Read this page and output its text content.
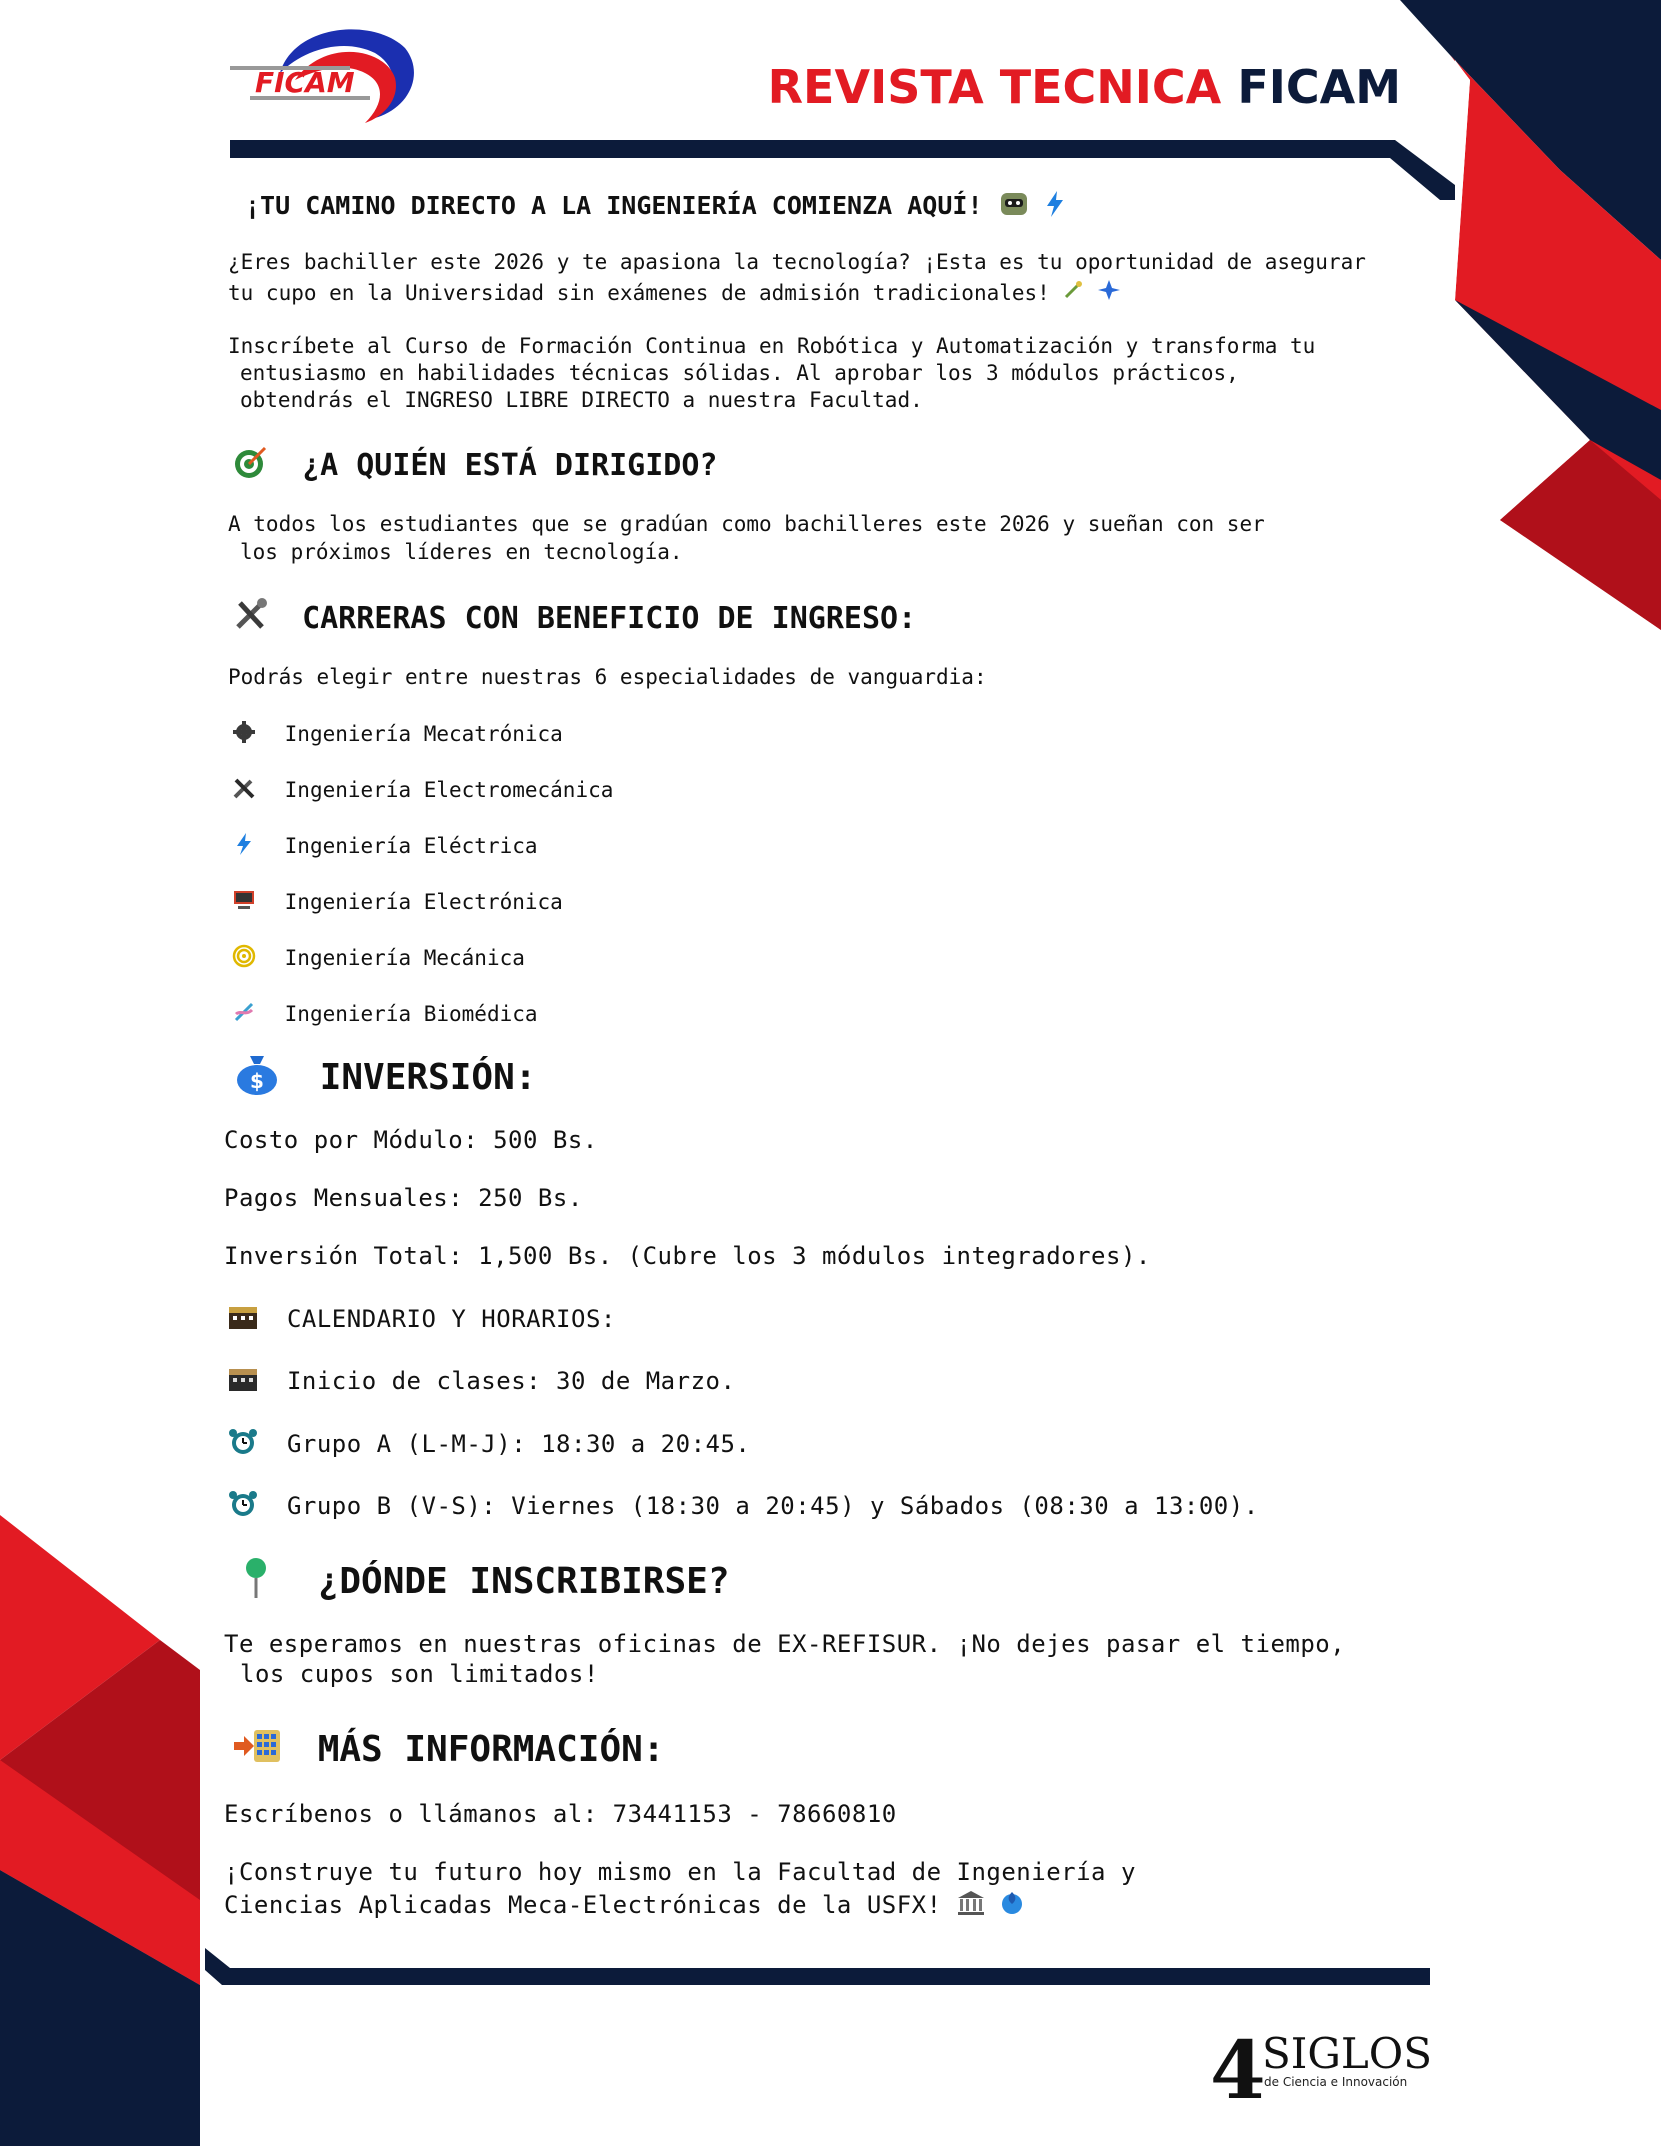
FICAM	REVISTA TECNICA FICAM
¡TU CAMINO DIRECTO A LA INGENIERÍA COMIENZA AQUÍ!
¿Eres bachiller este 2026 y te apasiona la tecnología? ¡Esta es tu oportunidad de asegurar
tu cupo en la Universidad sin exámenes de admisión tradicionales!
Inscríbete al Curso de Formación Continua en Robótica y Automatización y transforma tu
entusiasmo en habilidades técnicas sólidas. Al aprobar los 3 módulos prácticos,
obtendrás el INGRESO LIBRE DIRECTO a nuestra Facultad.
¿A QUIÉN ESTÁ DIRIGIDO?
A todos los estudiantes que se gradúan como bachilleres este 2026 y sueñan con ser
los próximos líderes en tecnología.
CARRERAS CON BENEFICIO DE INGRESO:
Podrás elegir entre nuestras 6 especialidades de vanguardia:
Ingeniería Mecatrónica
Ingeniería Electromecánica
Ingeniería Eléctrica
Ingeniería Electrónica
Ingeniería Mecánica
Ingeniería Biomédica
$ INVERSIÓN:
Costo por Módulo: 500 Bs.
Pagos Mensuales: 250 Bs.
Inversión Total: 1,500 Bs. (Cubre los 3 módulos integradores).
CALENDARIO Y HORARIOS:
Inicio de clases: 30 de Marzo.
Grupo A (L-M-J): 18:30 a 20:45.
Grupo B (V-S): Viernes (18:30 a 20:45) y Sábados (08:30 a 13:00).
¿DÓNDE INSCRIBIRSE?
Te esperamos en nuestras oficinas de EX-REFISUR. ¡No dejes pasar el tiempo,
los cupos son limitados!
MÁS INFORMACIÓN:
Escríbenos o llámanos al: 73441153 - 78660810
¡Construye tu futuro hoy mismo en la Facultad de Ingeniería y
Ciencias Aplicadas Meca-Electrónicas de la USFX!
4
SIGLOS
de Ciencia e Innovación
